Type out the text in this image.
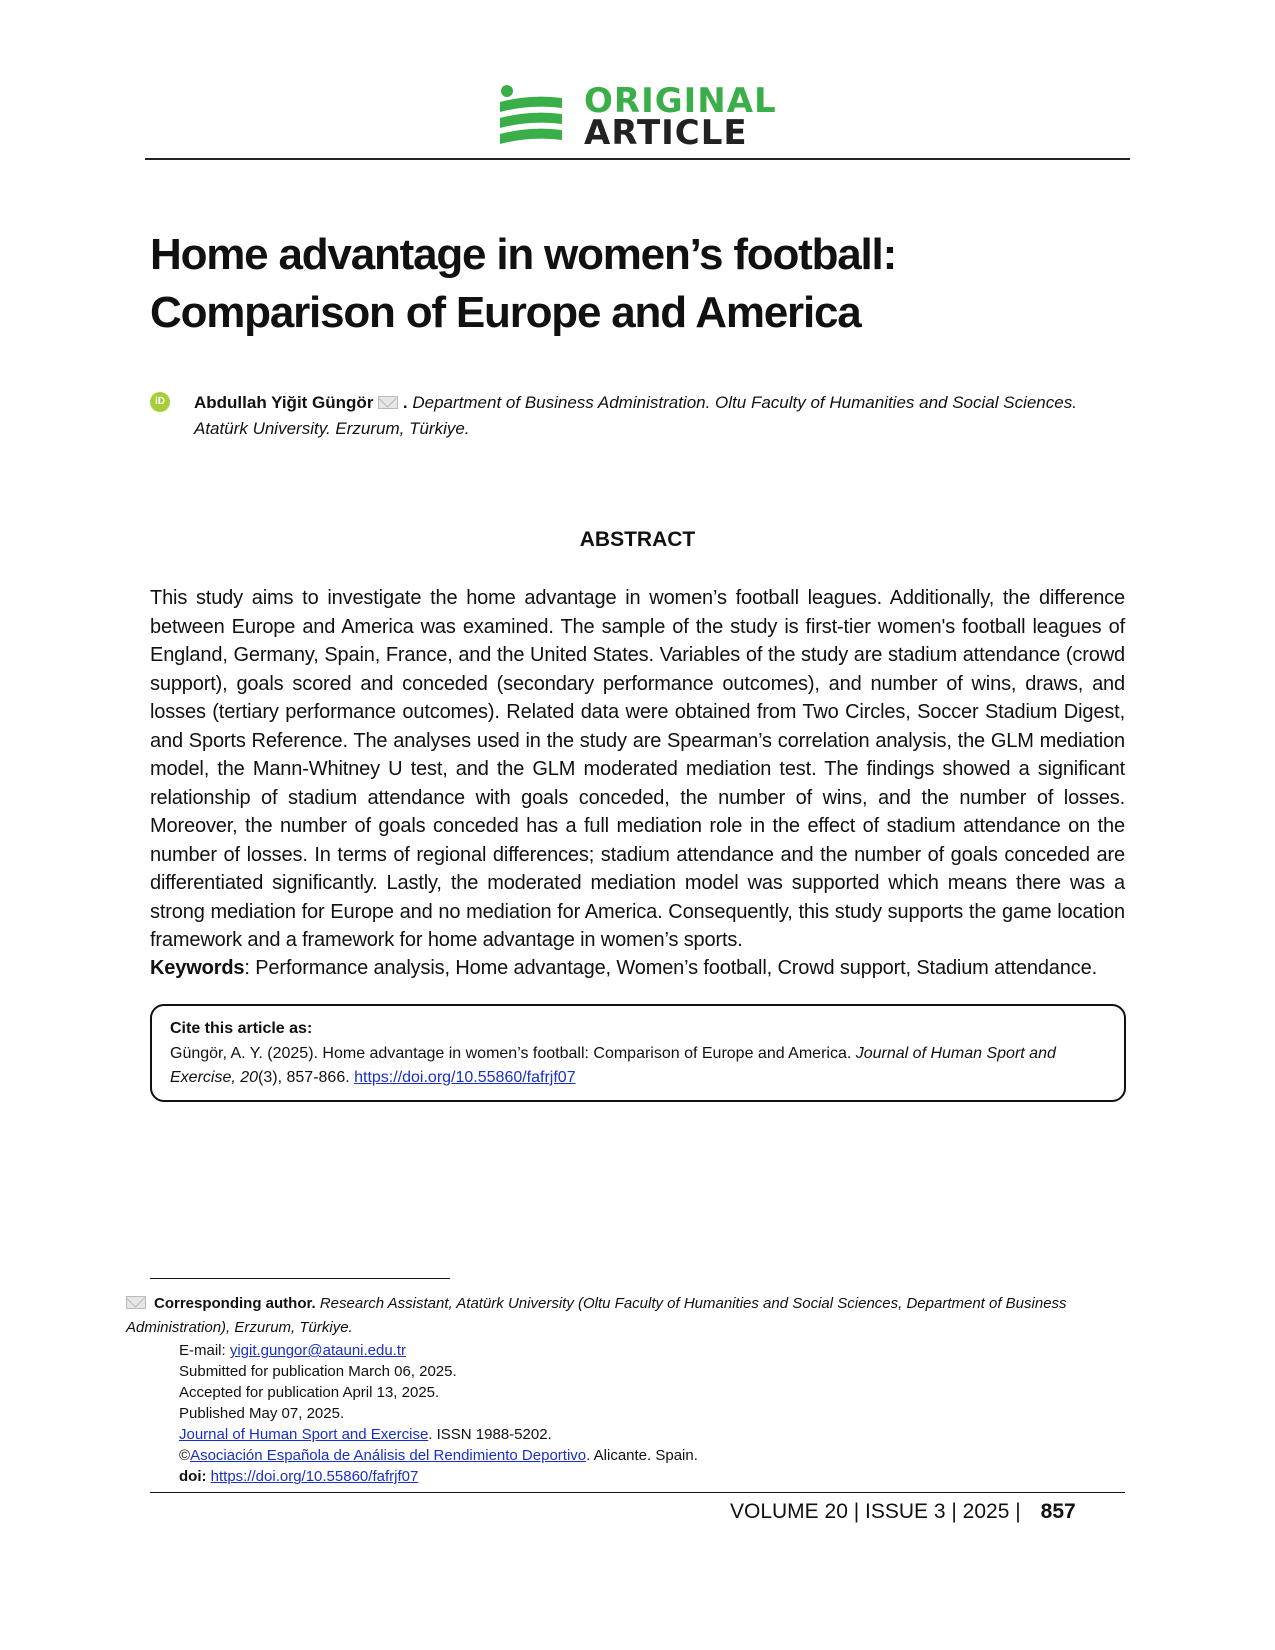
ORIGINAL
ARTICLE
Home advantage in women’s football: Comparison of Europe and America
iD Abdullah Yiğit Güngör . Department of Business Administration. Oltu Faculty of Humanities and Social Sciences.
Atatürk University. Erzurum, Türkiye.
ABSTRACT
This study aims to investigate the home advantage in women’s football leagues. Additionally, the difference between Europe and America was examined. The sample of the study is first-tier women's football leagues of England, Germany, Spain, France, and the United States. Variables of the study are stadium attendance (crowd support), goals scored and conceded (secondary performance outcomes), and number of wins, draws, and losses (tertiary performance outcomes). Related data were obtained from Two Circles, Soccer Stadium Digest, and Sports Reference. The analyses used in the study are Spearman’s correlation analysis, the GLM mediation model, the Mann-Whitney U test, and the GLM moderated mediation test. The findings showed a significant relationship of stadium attendance with goals conceded, the number of wins, and the number of losses. Moreover, the number of goals conceded has a full mediation role in the effect of stadium attendance on the number of losses. In terms of regional differences; stadium attendance and the number of goals conceded are differentiated significantly. Lastly, the moderated mediation model was supported which means there was a strong mediation for Europe and no mediation for America. Consequently, this study supports the game location framework and a framework for home advantage in women’s sports.
Keywords: Performance analysis, Home advantage, Women’s football, Crowd support, Stadium attendance.
Cite this article as:
Güngör, A. Y. (2025). Home advantage in women’s football: Comparison of Europe and America. Journal of Human Sport and Exercise, 20(3), 857-866. https://doi.org/10.55860/fafrjf07
Corresponding author. Research Assistant, Atatürk University (Oltu Faculty of Humanities and Social Sciences, Department of Business Administration), Erzurum, Türkiye.
E-mail: yigit.gungor@atauni.edu.tr
Submitted for publication March 06, 2025.
Accepted for publication April 13, 2025.
Published May 07, 2025.
Journal of Human Sport and Exercise. ISSN 1988-5202.
©Asociación Española de Análisis del Rendimiento Deportivo. Alicante. Spain.
doi: https://doi.org/10.55860/fafrjf07
VOLUME 20 | ISSUE 3 | 2025 | 857
